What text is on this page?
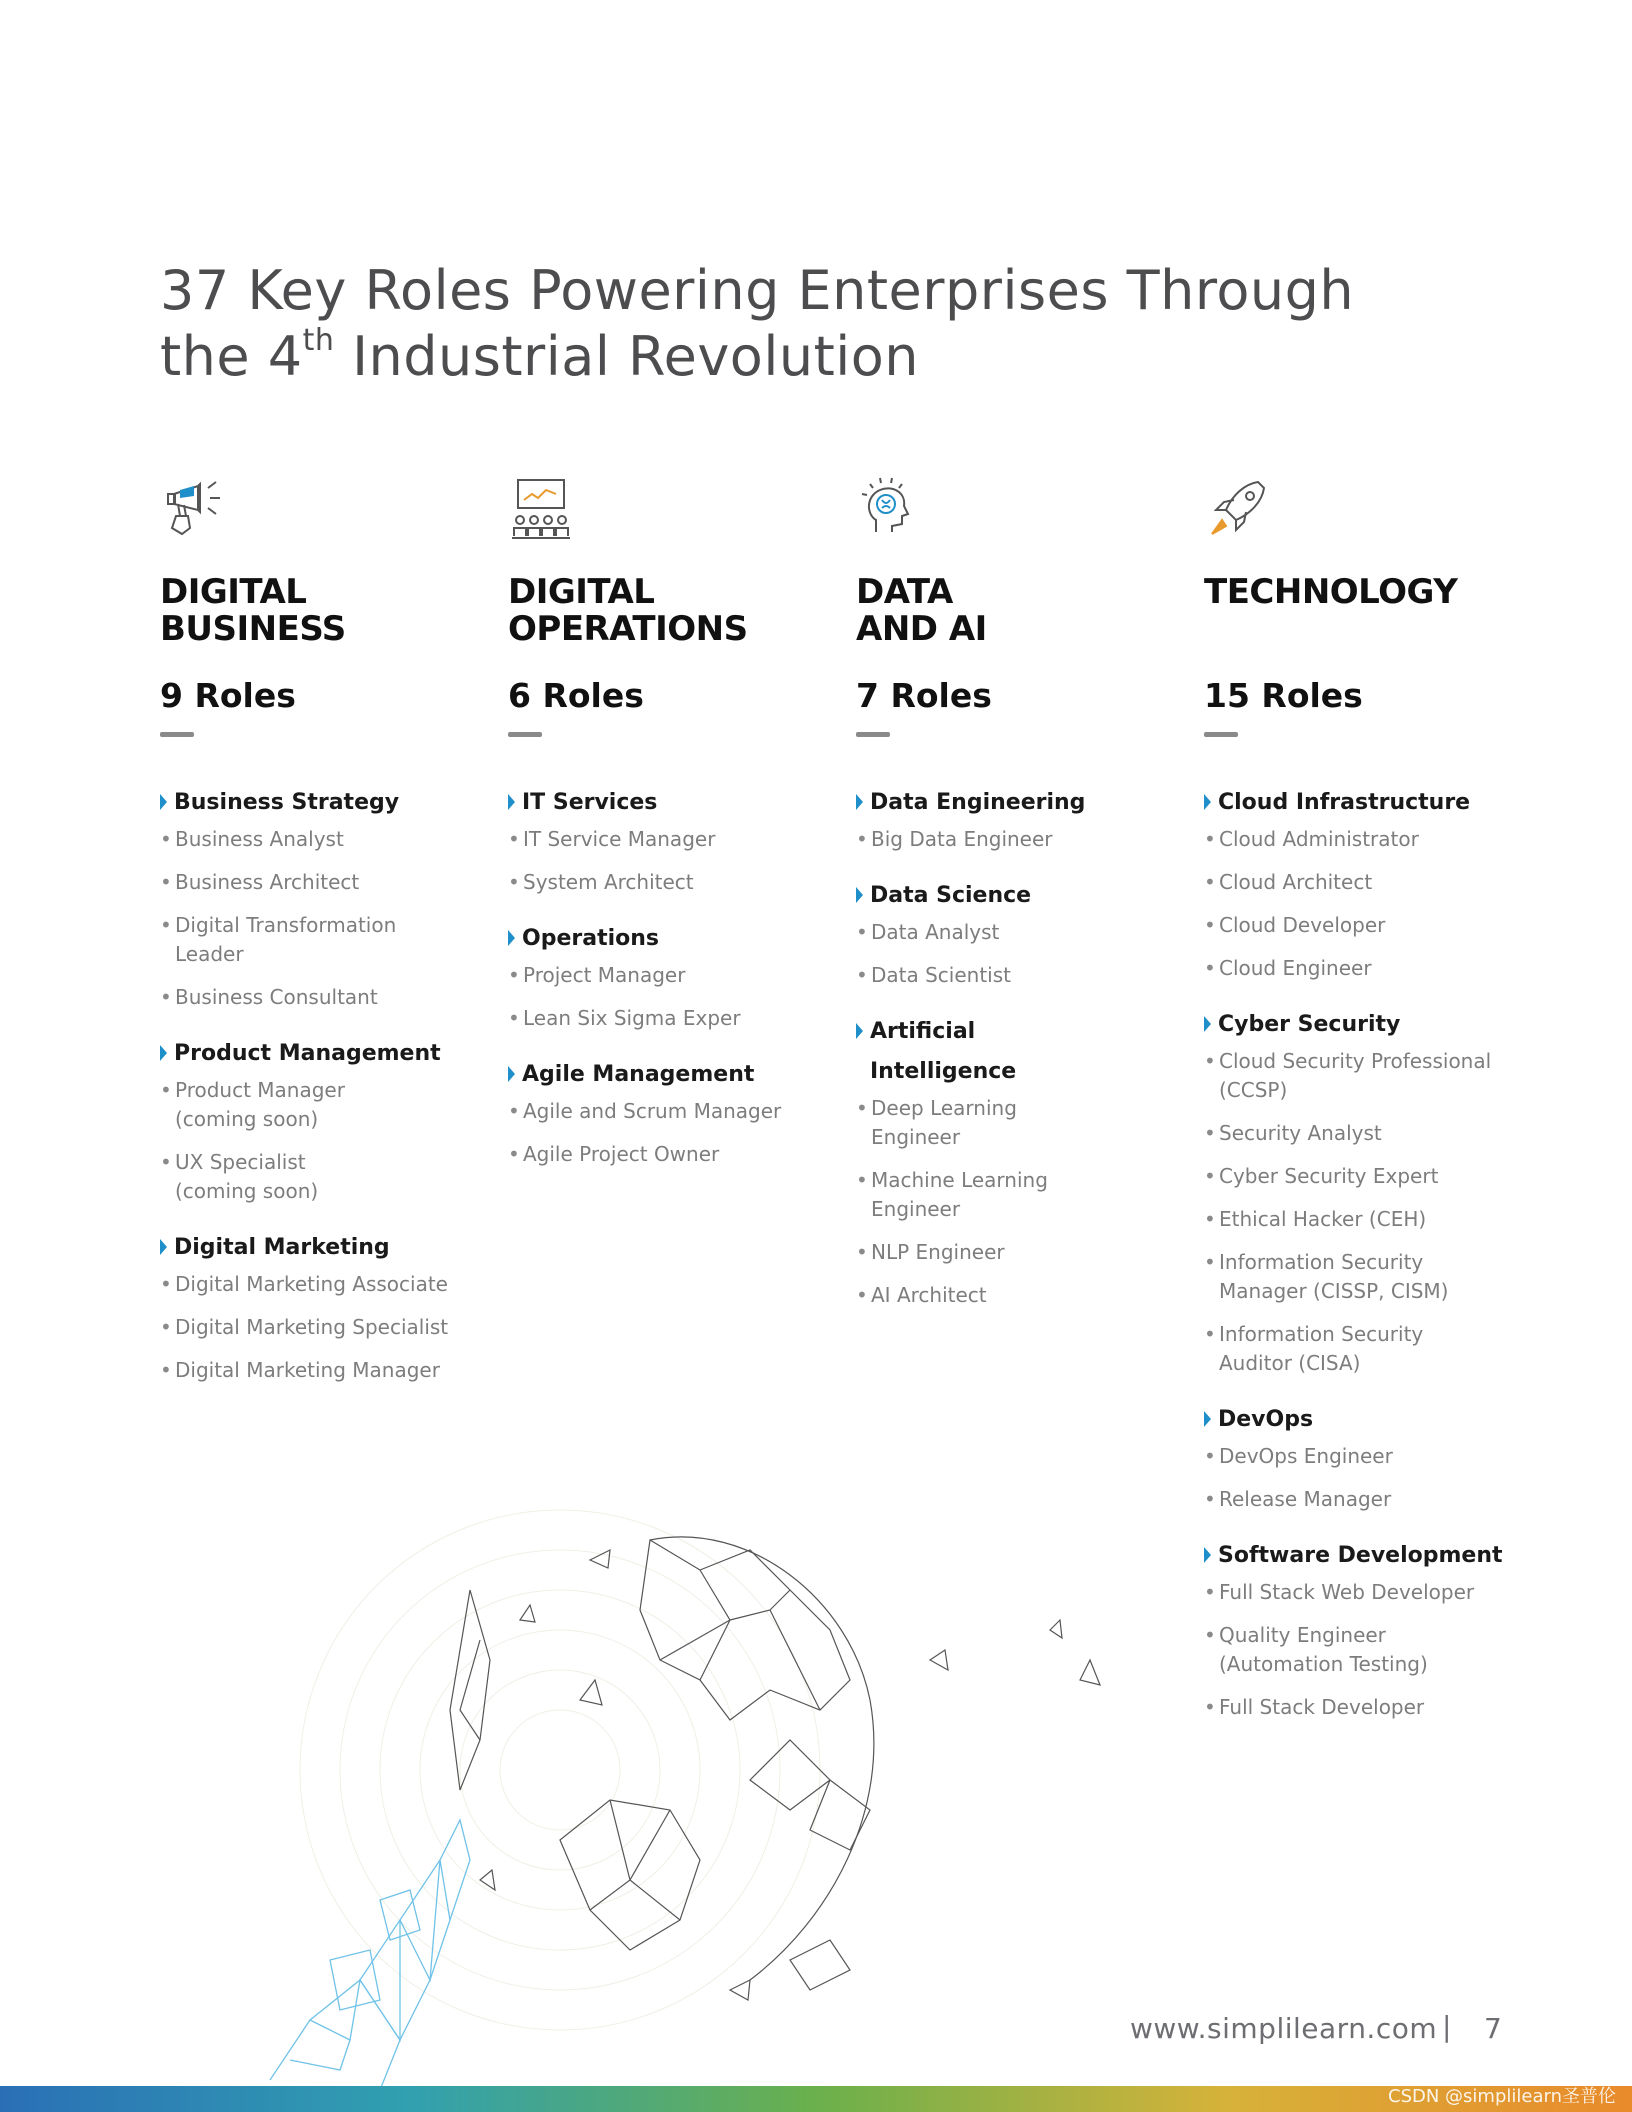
37 Key Roles Powering Enterprises Through
the 4th Industrial Revolution
DIGITAL
BUSINESS
9 Roles
Business Strategy
• Business Analyst
• Business Architect
• Digital Transformation
Leader
• Business Consultant
Product Management
• Product Manager
(coming soon)
• UX Specialist
(coming soon)
Digital Marketing
• Digital Marketing Associate
• Digital Marketing Specialist
• Digital Marketing Manager
DIGITAL
OPERATIONS
6 Roles
IT Services
• IT Service Manager
• System Architect
Operations
• Project Manager
• Lean Six Sigma Exper
Agile Management
• Agile and Scrum Manager
• Agile Project Owner
DATA
AND AI
7 Roles
Data Engineering
• Big Data Engineer
Data Science
• Data Analyst
• Data Scientist
Artificial
Intelligence
• Deep Learning
Engineer
• Machine Learning
Engineer
• NLP Engineer
• AI Architect
TECHNOLOGY
15 Roles
Cloud Infrastructure
• Cloud Administrator
• Cloud Architect
• Cloud Developer
• Cloud Engineer
Cyber Security
• Cloud Security Professional
(CCSP)
• Security Analyst
• Cyber Security Expert
• Ethical Hacker (CEH)
• Information Security
Manager (CISSP, CISM)
• Information Security
Auditor (CISA)
DevOps
• DevOps Engineer
• Release Manager
Software Development
• Full Stack Web Developer
• Quality Engineer
(Automation Testing)
• Full Stack Developer
www.simplilearn.com | 7
CSDN @simplilearn圣普伦
